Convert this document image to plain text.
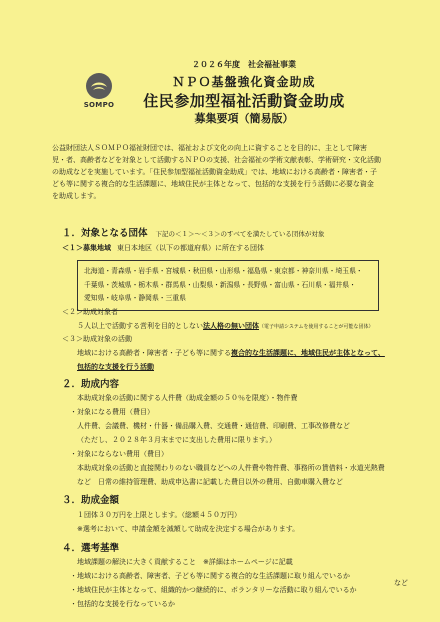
SOMPO
２０２６年度　社会福祉事業
ＮＰＯ基盤強化資金助成
住民参加型福祉活動資金助成
募集要項（簡易版）

公益財団法人ＳＯＭＰＯ福祉財団では、福祉および文化の向上に資することを目的に、主として障害

児・者、高齢者などを対象として活動するＮＰＯの支援、社会福祉の学術文献表彰、学術研究・文化活動

の助成などを実施しています。「住民参加型福祉活動資金助成」では、地域における高齢者・障害者・子

ども等に関する複合的な生活課題に、地域住民が主体となって、包括的な支援を行う活動に必要な資金

を助成します。

１．対象となる団体 下記の＜１＞～＜３＞のすべてを満たしている団体が対象
＜１＞募集地域 東日本地区（以下の都道府県）に所在する団体
北海道・青森県・岩手県・宮城県・秋田県・山形県・福島県・東京都・神奈川県・埼玉県・
千葉県・茨城県・栃木県・群馬県・山梨県・新潟県・長野県・富山県・石川県・福井県・
愛知県・岐阜県・静岡県・三重県
＜２＞助成対象者
５人以上で活動する営利を目的としない法人格の無い団体（電子申請システムを使用することが可能な団体）
＜３＞助成対象の活動
地域における高齢者・障害者・子ども等に関する複合的な生活課題に、地域住民が主体となって、
包括的な支援を行う活動
２．助成内容
本助成対象の活動に関する人件費（助成金額の５０％を限度）・物件費
・対象になる費用（費目）
人件費、会議費、機材・什器・備品購入費、交通費・通信費、印刷費、工事改修費など
（ただし、２０２８年３月末までに支出した費用に限ります。）
・対象にならない費用（費目）
本助成対象の活動と直接関わりのない職員などへの人件費や物件費、事務所の賃借料・水道光熱費
など　日常の維持管理費、助成申込書に記載した費目以外の費用、自動車購入費など
３．助成金額
１団体３０万円を上限とします。（総額４５０万円）
※選考において、申請金額を減額して助成を決定する場合があります。
４．選考基準
地域課題の解決に大きく貢献すること　※詳細はホームページに記載
・地域における高齢者、障害者、子ども等に関する複合的な生活課題に取り組んでいるか
・地域住民が主体となって、組織的かつ継続的に、ボランタリーな活動に取り組んでいるか
・包括的な支援を行なっているか
など
